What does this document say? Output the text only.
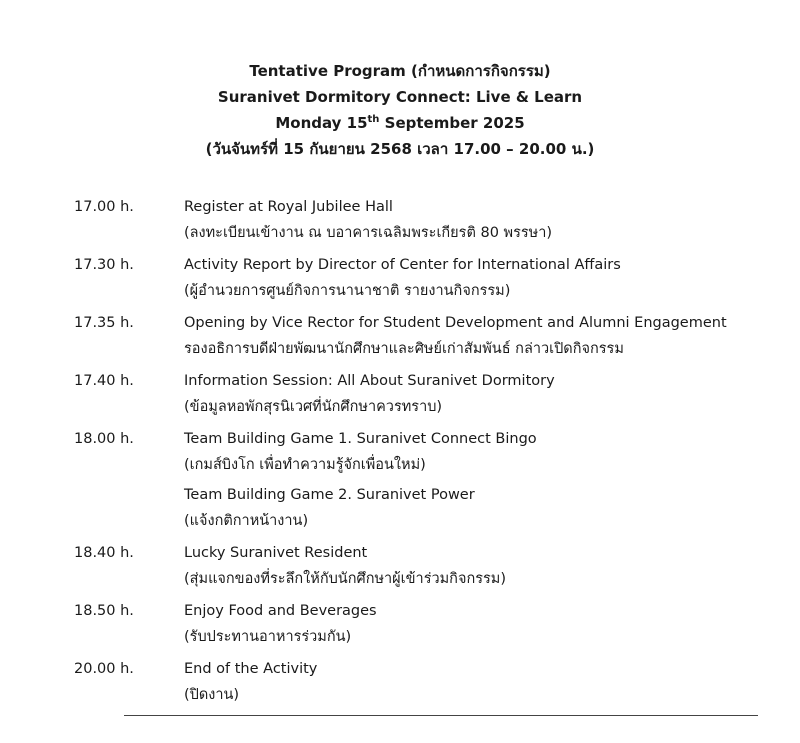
Tentative Program (กำหนดการกิจกรรม)
Suranivet Dormitory Connect: Live & Learn
Monday 15th September 2025
(วันจันทร์ที่ 15 กันยายน 2568 เวลา 17.00 – 20.00 น.)
17.00 h.	Register at Royal Jubilee Hall
(ลงทะเบียนเข้างาน ณ บอาคารเฉลิมพระเกียรติ 80 พรรษา)
17.30 h.	Activity Report by Director of Center for International Affairs
(ผู้อำนวยการศูนย์กิจการนานาชาติ รายงานกิจกรรม)
17.35 h.	Opening by Vice Rector for Student Development and Alumni Engagement
รองอธิการบดีฝ่ายพัฒนานักศึกษาและศิษย์เก่าสัมพันธ์ กล่าวเปิดกิจกรรม
17.40 h.	Information Session: All About Suranivet Dormitory
(ข้อมูลหอพักสุรนิเวศที่นักศึกษาควรทราบ)
18.00 h.	Team Building Game 1. Suranivet Connect Bingo
(เกมส์บิงโก เพื่อทำความรู้จักเพื่อนใหม่)
Team Building Game 2. Suranivet Power
(แจ้งกติกาหน้างาน)
18.40 h.	Lucky Suranivet Resident
(สุ่มแจกของที่ระลึกให้กับนักศึกษาผู้เข้าร่วมกิจกรรม)
18.50 h.	Enjoy Food and Beverages
(รับประทานอาหารร่วมกัน)
20.00 h.	End of the Activity
(ปิดงาน)
